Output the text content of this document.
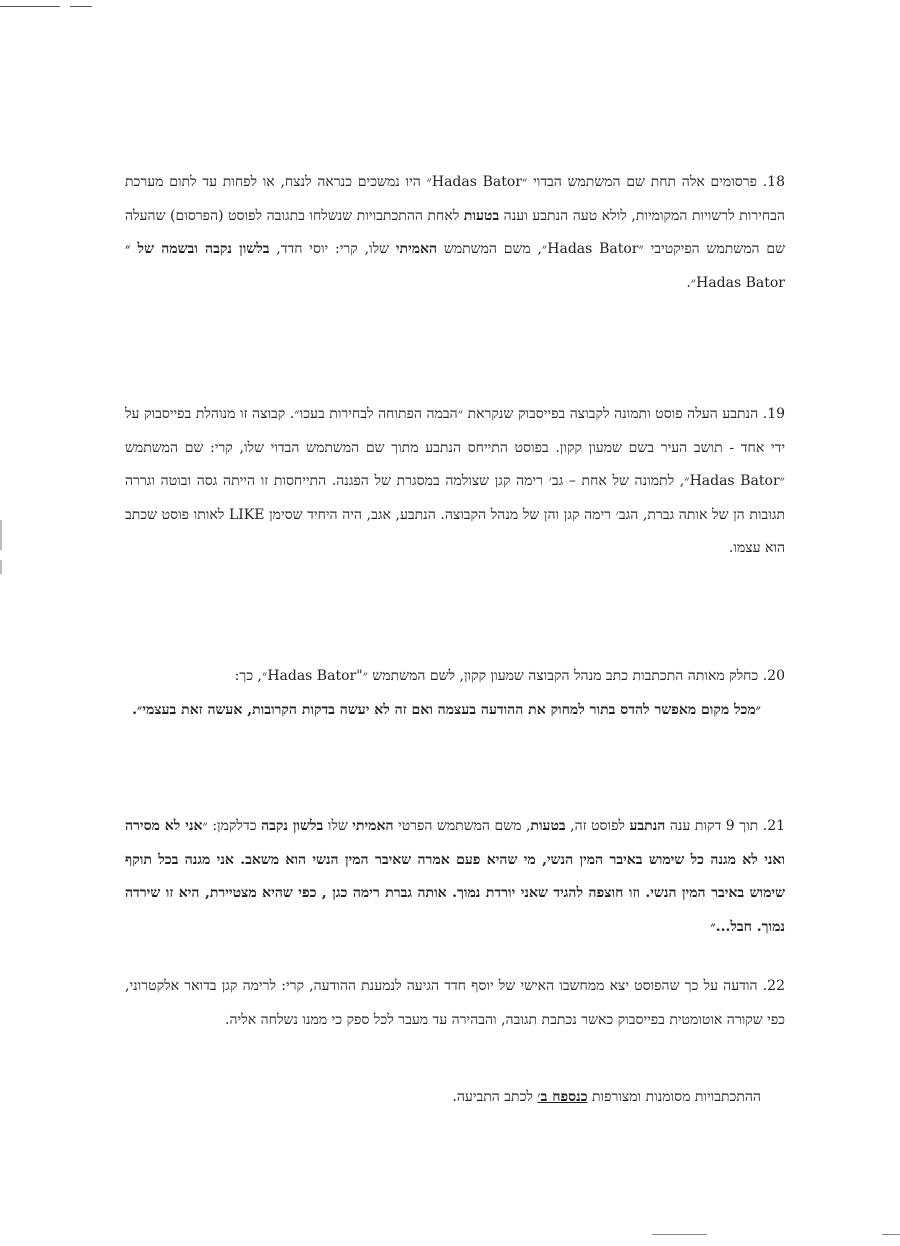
18. פרסומים אלה תחת שם המשתמש הבדוי ״Hadas Bator״ היו נמשכים כנראה לנצח, או לפחות עד לתום מערכת הבחירות לרשויות המקומיות, לולא טעה הנתבע וענה בטעות לאחת ההתכתבויות שנשלחו בתגובה לפוסט (הפרסום) שהעלה שם המשתמש הפיקטיבי ״Hadas Bator״, משם המשתמש האמיתי שלו, קרי: יוסי חדד, בלשון נקבה ובשמה של ״ Hadas Bator״.

19. הנתבע העלה פוסט ותמונה לקבוצה בפייסבוק שנקראת ״הבמה הפתוחה לבחירות בעכו״. קבוצה זו מנוהלת בפייסבוק על ידי אחד - תושב העיר בשם שמעון קקון. בפוסט התייחס הנתבע מתוך שם המשתמש הבדוי שלו, קרי: שם המשתמש ״Hadas Bator״, לתמונה של אחת – גב׳ רימה קגן שצולמה במסגרת של הפגנה. התייחסות זו הייתה גסה ובוטה וגררה תגובות הן של אותה גברת, הגב׳ רימה קגן והן של מנהל הקבוצה. הנתבע, אגב, היה היחיד שסימן LIKE לאותו פוסט שכתב הוא עצמו.

20. כחלק מאותה התכתבות כתב מנהל הקבוצה שמעון קקון, לשם המשתמש ״"Hadas Bator״, כך:

״מכל מקום מאפשר להדס בתור למחוק את ההודעה בעצמה ואם זה לא יעשה בדקות הקרובות, אעשה זאת בעצמי״.

21. תוך 9 דקות ענה הנתבע לפוסט זה, בטעות, משם המשתמש הפרטי האמיתי שלו בלשון נקבה כדלקמן: ״אני לא מסירה ואני לא מגנה כל שימוש באיבר המין הנשי, מי שהיא פעם אמרה שאיבר המין הנשי הוא משאב. אני מגנה בכל תוקף שימוש באיבר המין הנשי. וזו חוצפה להגיד שאני יורדת נמוך. אותה גברת רימה כגן , כפי שהיא מצטיירת, היא זו שירדה נמוך. חבל...״

22. הודעה על כך שהפוסט יצא ממחשבו האישי של יוסף חדד הגיעה לנמענת ההודעה, קרי: לרימה קגן בדואר אלקטרוני, כפי שקורה אוטומטית בפייסבוק כאשר נכתבת תגובה, והבהירה עד מעבר לכל ספק כי ממנו נשלחה אליה.

ההתכתבויות מסומנות ומצורפות כנספח ב׳ לכתב התביעה.
